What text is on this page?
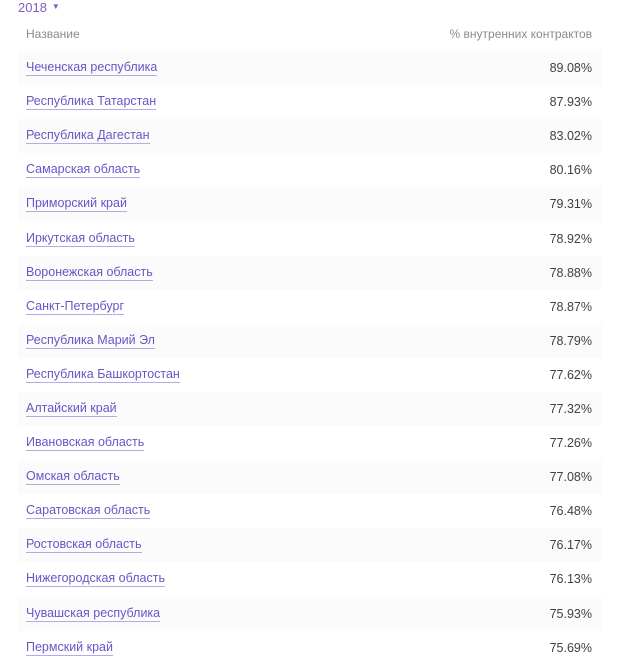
2018 ▼
Название	% внутренних контрактов
Чеченская республика	89.08%
Республика Татарстан	87.93%
Республика Дагестан	83.02%
Самарская область	80.16%
Приморский край	79.31%
Иркутская область	78.92%
Воронежская область	78.88%
Санкт-Петербург	78.87%
Республика Марий Эл	78.79%
Республика Башкортостан	77.62%
Алтайский край	77.32%
Ивановская область	77.26%
Омская область	77.08%
Саратовская область	76.48%
Ростовская область	76.17%
Нижегородская область	76.13%
Чувашская республика	75.93%
Пермский край	75.69%
